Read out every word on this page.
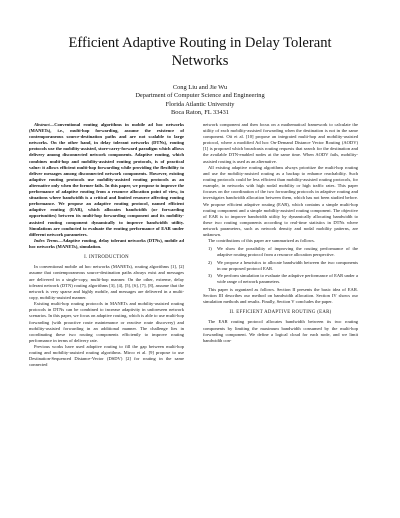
Efficient Adaptive Routing in Delay Tolerant
Networks
Cong Liu and Jie Wu
Department of Computer Science and Engineering
Florida Atlantic University
Boca Raton, FL 33431

Abstract—Conventional routing algorithms in mobile ad hoc networks (MANETs), i.e., multi-hop forwarding, assume the existence of contemporaneous source-destination paths and are not scalable to large networks. On the other hand, in delay tolerant networks (DTNs), routing protocols use the mobility-assisted, store-carry-forward paradigm which allows delivery among disconnected network components. Adaptive routing, which combines multi-hop and mobility-assisted routing protocols, is of practical value: it allows efficient multi-hop forwarding while providing the flexibility to deliver messages among disconnected network components. However, existing adaptive routing protocols use mobility-assisted routing protocols as an alternative only when the former fails. In this paper, we propose to improve the performance of adaptive routing from a resource allocation point of view, in situations where bandwidth is a critical and limited resource affecting routing performance. We propose an adaptive routing protocol, named efficient adaptive routing (EAR), which allocates bandwidth (or forwarding opportunities) between its multi-hop forwarding component and its mobility-assisted routing component dynamically to improve bandwidth utility. Simulations are conducted to evaluate the routing performance of EAR under different network parameters.

Index Terms—Adaptive routing, delay tolerant networks (DTNs), mobile ad hoc networks (MANETs), simulation.

I. INTRODUCTION

In conventional mobile ad hoc networks (MANETs), routing algorithms [1], [2] assume that contemporaneous source-destination paths always exist and messages are delivered in a single-copy, multi-hop manner. On the other, extreme, delay tolerant network (DTN) routing algorithms [3], [4], [5], [6], [7], [8], assume that the network is very sparse and highly mobile, and messages are delivered in a multi-copy, mobility-assisted manner.

Existing multi-hop routing protocols in MANETs and mobility-assisted routing protocols in DTNs can be combined to increase adaptivity in unforeseen network scenarios. In this paper, we focus on adaptive routing, which is able to use multi-hop forwarding (with proactive route maintenance or reactive route discovery) and mobility-assisted forwarding in an additional manner. The challenge lies in coordinating these two routing components efficiently to improve routing performance in terms of delivery rate.

Previous works have used adaptive routing to fill the gap between multi-hop routing and mobility-assisted routing algorithms. Mirco et al. [9] propose to use Destination-Sequenced Distance-Vector (DSDV) [2] for routing in the same connected

network component and then focus on a mathematical framework to calculate the utility of each mobility-assisted forwarding when the destination is not in the same component. Ott et al. [10] propose an integrated multi-hop and mobility-assisted protocol, where a modified Ad hoc On-Demand Distance Vector Routing (AODV) [1] is proposed which broadcasts routing requests that search for the destination and the available DTN-enabled nodes at the same time. When AODV fails, mobility-assisted routing is used as an alternative.

All existing adaptive routing algorithms always prioritize the multi-hop routing and use the mobility-assisted routing as a backup to enhance reachability. Such routing protocols could be less efficient than mobility-assisted routing protocols, for example, in networks with high nodal mobility or high traffic rates. This paper focuses on the coordination of the two forwarding protocols in adaptive routing and investigates bandwidth allocation between them, which has not been studied before. We propose efficient adaptive routing (EAR), which contains a simple multi-hop routing component and a simple mobility-assisted routing component. The objective of EAR is to improve bandwidth utility by dynamically allocating bandwidth to these two routing components according to real-time statistics in DTNs where network parameters, such as network density and nodal mobility patterns, are unknown.

The contributions of this paper are summarized as follows.

1) We show the possibility of improving the routing performance of the adaptive routing protocol from a resource allocation perspective.
2) We propose a heuristics to allocate bandwidth between the two components in our proposed protocol EAR.
3) We perform simulation to evaluate the adaptive performance of EAR under a wide range of network parameters.

This paper is organized as follows. Section II presents the basic idea of EAR. Section III describes our method on bandwidth allocation. Section IV shows our simulation methods and results. Finally, Section V concludes the paper.

II. EFFICIENT ADAPTIVE ROUTING (EAR)

The EAR routing protocol allocates bandwidth between its two routing components by limiting the maximum bandwidth consumed by the multi-hop forwarding component. We define a logical cloud for each node, and we limit bandwidth con-
